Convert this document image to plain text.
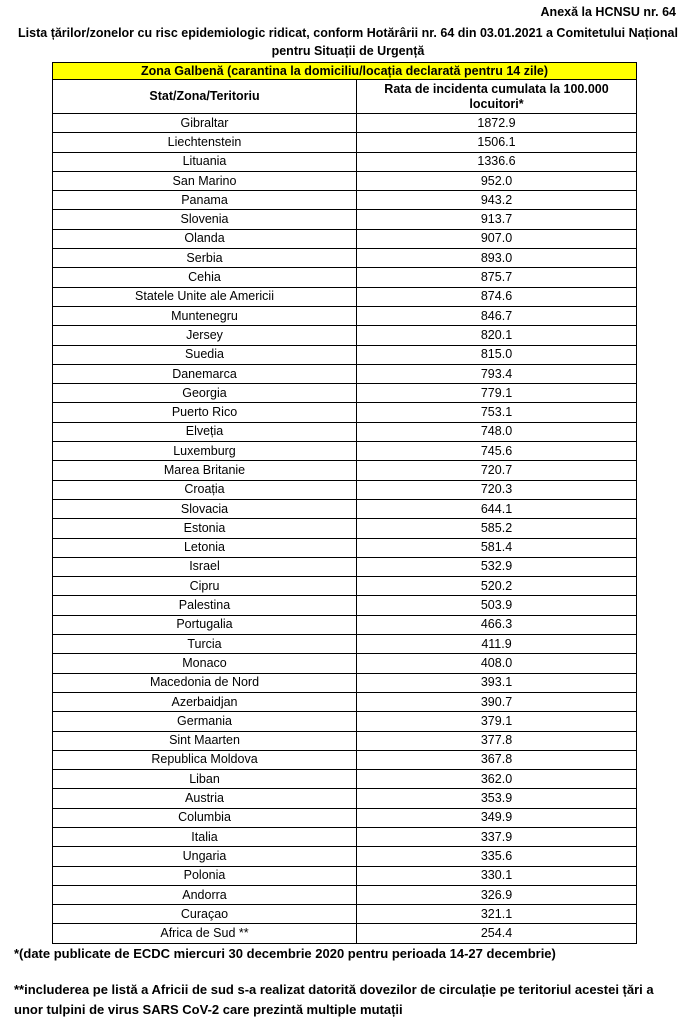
Anexă la HCNSU nr. 64
Lista țărilor/zonelor cu risc epidemiologic ridicat, conform Hotărârii nr. 64 din 03.01.2021 a Comitetului Național
pentru Situații de Urgență
Zona Galbenă (carantina la domiciliu/locația declarată pentru 14 zile)	
Stat/Zona/Teritoriu	Rata de incidenta cumulata la 100.000 locuitori*
Gibraltar	1872.9
Liechtenstein	1506.1
Lituania	1336.6
San Marino	952.0
Panama	943.2
Slovenia	913.7
Olanda	907.0
Serbia	893.0
Cehia	875.7
Statele Unite ale Americii	874.6
Muntenegru	846.7
Jersey	820.1
Suedia	815.0
Danemarca	793.4
Georgia	779.1
Puerto Rico	753.1
Elveția	748.0
Luxemburg	745.6
Marea Britanie	720.7
Croația	720.3
Slovacia	644.1
Estonia	585.2
Letonia	581.4
Israel	532.9
Cipru	520.2
Palestina	503.9
Portugalia	466.3
Turcia	411.9
Monaco	408.0
Macedonia de Nord	393.1
Azerbaidjan	390.7
Germania	379.1
Sint Maarten	377.8
Republica Moldova	367.8
Liban	362.0
Austria	353.9
Columbia	349.9
Italia	337.9
Ungaria	335.6
Polonia	330.1
Andorra	326.9
Curaçao	321.1
Africa de Sud **	254.4
*(date publicate de ECDC miercuri 30 decembrie 2020 pentru perioada 14-27 decembrie)
**includerea pe listă a Africii de sud s-a realizat datorită dovezilor de circulație pe teritoriul acestei țări a unor tulpini de virus SARS CoV-2 care prezintă multiple mutații
